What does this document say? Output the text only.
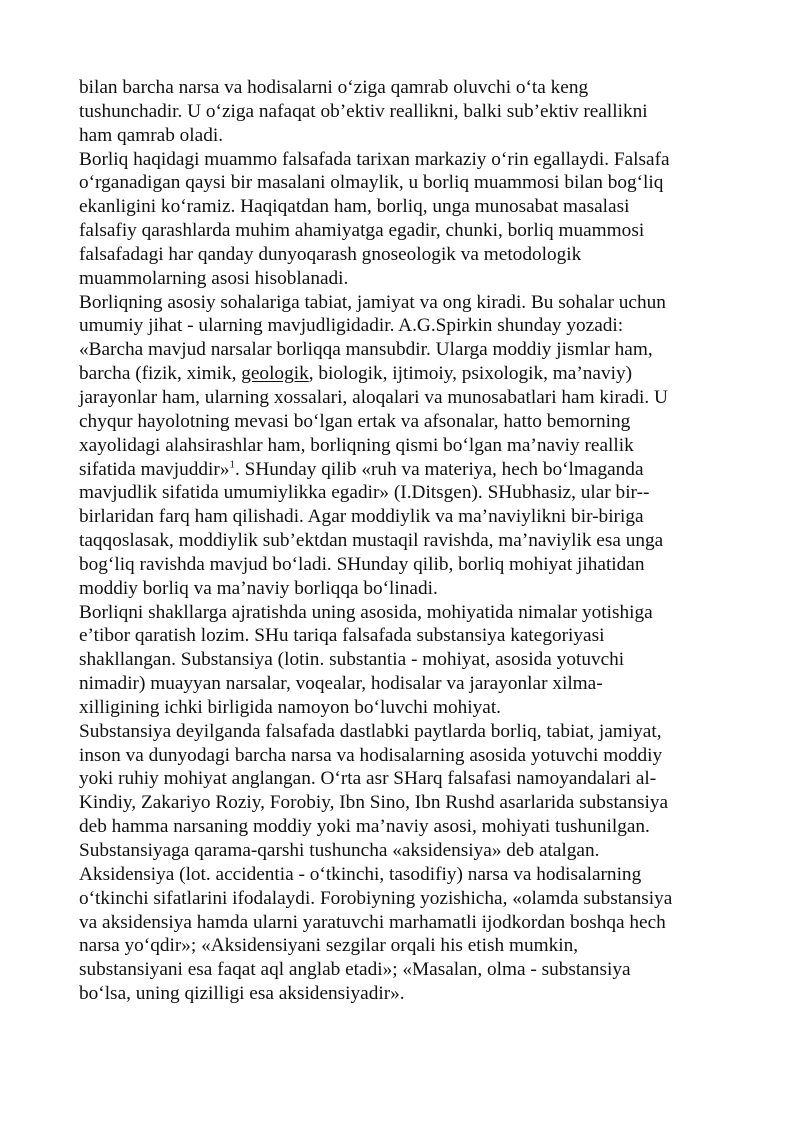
bilan barcha narsa va hodisalarni o‘ziga qamrab oluvchi o‘ta keng
tushunchadir. U o‘ziga nafaqat ob’ektiv reallikni, balki sub’ektiv reallikni
ham qamrab oladi.
Borliq haqidagi muammo falsafada tarixan markaziy o‘rin egallaydi. Falsafa
o‘rganadigan qaysi bir masalani olmaylik, u borliq muammosi bilan bog‘liq
ekanligini ko‘ramiz. Haqiqatdan ham, borliq, unga munosabat masalasi
falsafiy qarashlarda muhim ahamiyatga egadir, chunki, borliq muammosi
falsafadagi har qanday dunyoqarash gnoseologik va metodologik
muammolarning asosi hisoblanadi.
Borliqning asosiy sohalariga tabiat, jamiyat va ong kiradi. Bu sohalar uchun
umumiy jihat - ularning mavjudligidadir. A.G.Spirkin shunday yozadi:
«Barcha mavjud narsalar borliqqa mansubdir. Ularga moddiy jismlar ham,
barcha (fizik, ximik, geologik, biologik, ijtimoiy, psixologik, ma’naviy)
jarayonlar ham, ularning xossalari, aloqalari va munosabatlari ham kiradi. U
chyqur hayolotning mevasi bo‘lgan ertak va afsonalar, hatto bemorning
xayolidagi alahsirashlar ham, borliqning qismi bo‘lgan ma’naviy reallik
sifatida mavjuddir»$^1$. SHunday qilib «ruh va materiya, hech bo‘lmaganda
mavjudlik sifatida umumiylikka egadir» (I.Ditsgen). SHubhasiz, ular bir--
birlaridan farq ham qilishadi. Agar moddiylik va ma’naviylikni bir-biriga
taqqoslasak, moddiylik sub’ektdan mustaqil ravishda, ma’naviylik esa unga
bog‘liq ravishda mavjud bo‘ladi. SHunday qilib, borliq mohiyat jihatidan
moddiy borliq va ma’naviy borliqqa bo‘linadi.
Borliqni shakllarga ajratishda uning asosida, mohiyatida nimalar yotishiga
e’tibor qaratish lozim. SHu tariqa falsafada substansiya kategoriyasi
shakllangan. Substansiya (lotin. substantia - mohiyat, asosida yotuvchi
nimadir) muayyan narsalar, voqealar, hodisalar va jarayonlar xilma-
xilligining ichki birligida namoyon bo‘luvchi mohiyat.
Substansiya deyilganda falsafada dastlabki paytlarda borliq, tabiat, jamiyat,
inson va dunyodagi barcha narsa va hodisalarning asosida yotuvchi moddiy
yoki ruhiy mohiyat anglangan. O‘rta asr SHarq falsafasi namoyandalari al-
Kindiy, Zakariyo Roziy, Forobiy, Ibn Sino, Ibn Rushd asarlarida substansiya
deb hamma narsaning moddiy yoki ma’naviy asosi, mohiyati tushunilgan.
Substansiyaga qarama-qarshi tushuncha «aksidensiya» deb atalgan.
Aksidensiya (lot. accidentia - o‘tkinchi, tasodifiy) narsa va hodisalarning
o‘tkinchi sifatlarini ifodalaydi. Forobiyning yozishicha, «olamda substansiya
va aksidensiya hamda ularni yaratuvchi marhamatli ijodkordan boshqa hech
narsa yo‘qdir»; «Aksidensiyani sezgilar orqali his etish mumkin,
substansiyani esa faqat aql anglab etadi»; «Masalan, olma - substansiya
bo‘lsa, uning qizilligi esa aksidensiyadir».
